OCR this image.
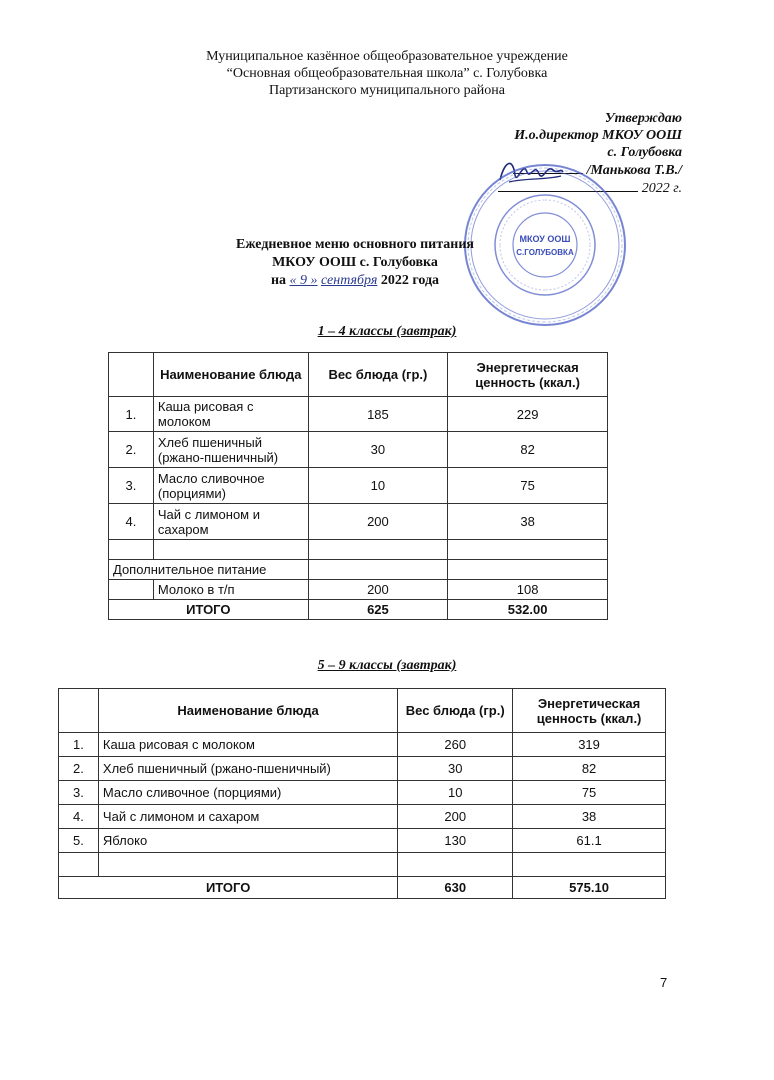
Муниципальное казённое общеобразовательное учреждение
“Основная общеобразовательная школа” с. Голубовка
Партизанского муниципального района
Утверждаю
И.о.директор МКОУ ООШ
с. Голубовка
/Манькова Т.В./
2022 г.
МКОУ ООШ
С.ГОЛУБОВКА
Ежедневное меню основного питания
МКОУ ООШ с. Голубовка
на « 9 » сентября 2022 года
1 – 4 классы (завтрак)
	Наименование блюда	Вес блюда (гр.)	Энергетическая ценность (ккал.)
1.	Каша рисовая с молоком	185	229
2.	Хлеб пшеничный (ржано-пшеничный)	30	82
3.	Масло сливочное (порциями)	10	75
4.	Чай с лимоном и сахаром	200	38

Дополнительное питание			
	Молоко в т/п	200	108
ИТОГО		625	532.00
5 – 9 классы (завтрак)
	Наименование блюда	Вес блюда (гр.)	Энергетическая ценность (ккал.)
1.	Каша рисовая с молоком	260	319
2.	Хлеб пшеничный (ржано-пшеничный)	30	82
3.	Масло сливочное (порциями)	10	75
4.	Чай с лимоном и сахаром	200	38
5.	Яблоко	130	61.1

ИТОГО		630	575.10
7
